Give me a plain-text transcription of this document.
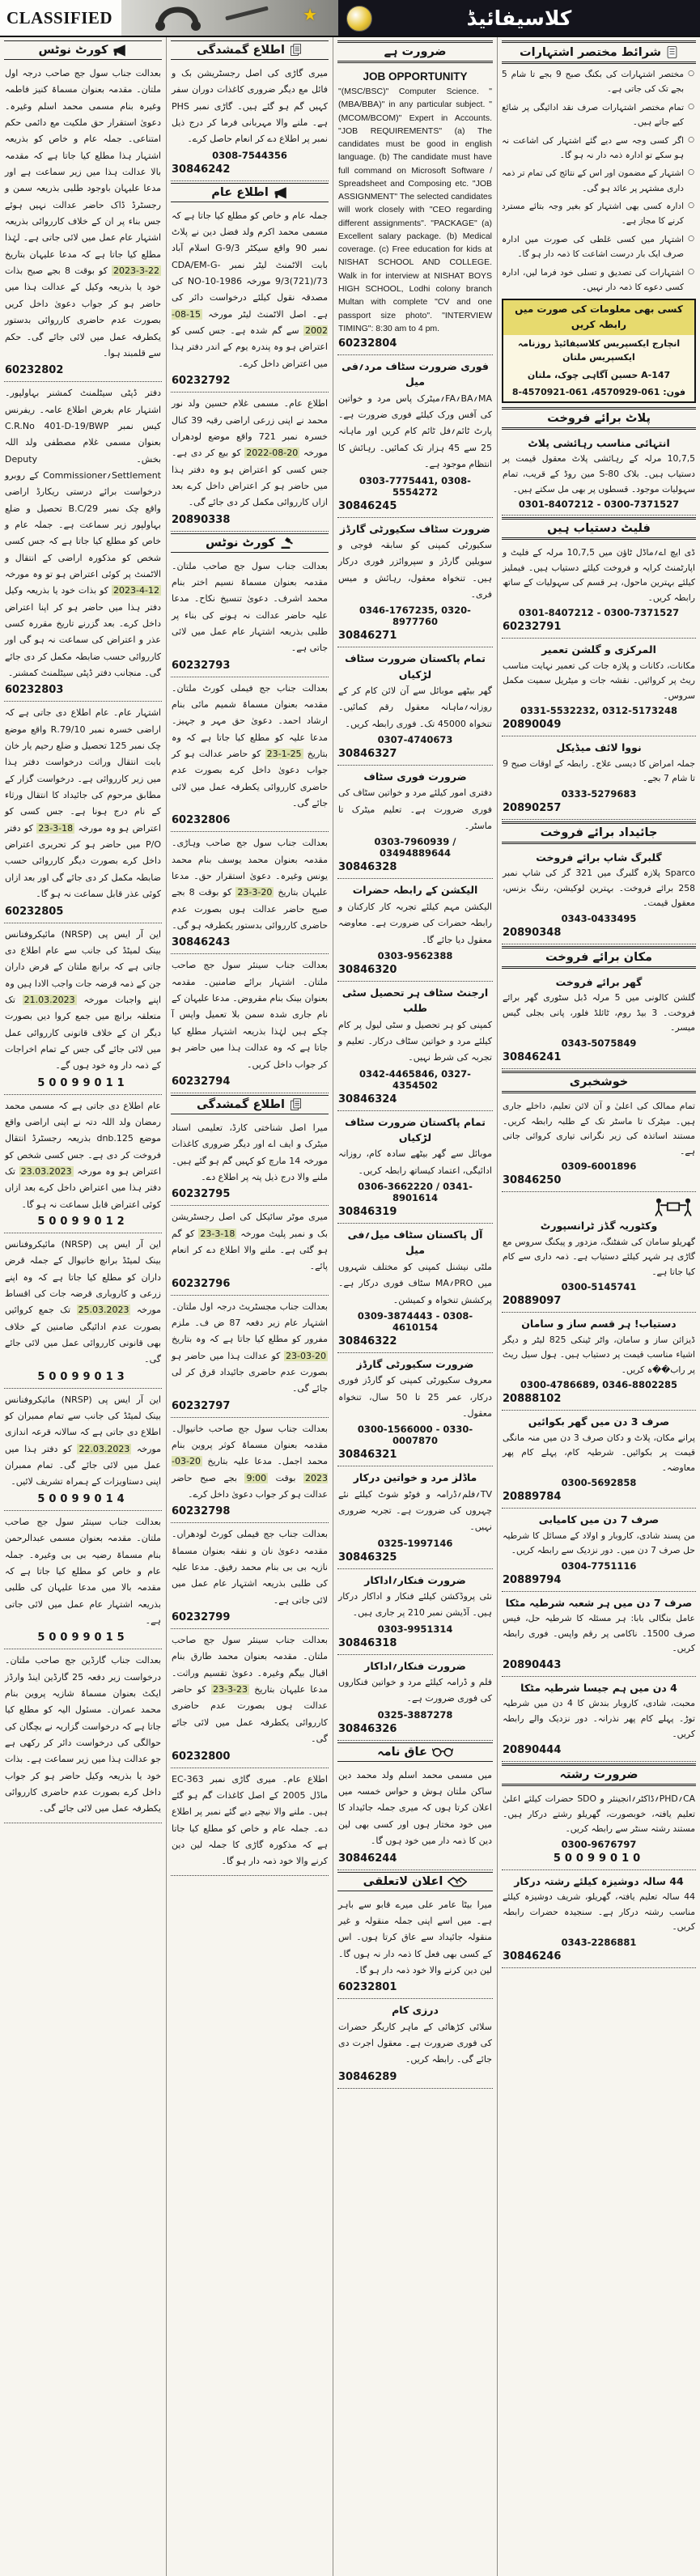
CLASSIFIED	★	کلاسیفائیڈ
کورٹ نوٹس
بعدالت جناب سول جج صاحب درجہ اول ملتان۔ مقدمہ بعنوان مسماۃ کنیز فاطمہ وغیرہ بنام مسمی محمد اسلم وغیرہ۔ دعویٰ استقرار حق ملکیت مع دائمی حکم امتناعی۔ جملہ عام و خاص کو بذریعہ اشتہار ہذا مطلع کیا جاتا ہے کہ مقدمہ بالا عدالت ہذا میں زیر سماعت ہے اور مدعا علیہان باوجود طلبی بذریعہ سمن و رجسٹرڈ ڈاک حاضر عدالت نہیں ہوئے جس بناء پر ان کے خلاف کارروائی بذریعہ اشتہار عام عمل میں لائی جاتی ہے۔ لہٰذا مطلع کیا جاتا ہے کہ مدعا علیہان بتاریخ 22-3-2023 کو بوقت 8 بجے صبح بذات خود یا بذریعہ وکیل کے عدالت ہذا میں حاضر ہو کر جواب دعویٰ داخل کریں بصورت عدم حاضری کارروائی بدستور یکطرفہ عمل میں لائی جائے گی۔ حکم سے قلمبند ہوا۔
60232802
دفتر ڈپٹی سیٹلمنٹ کمشنر بہاولپور۔ اشتہار عام بغرض اطلاع عامہ۔ ریفرنس کیس نمبر C.R.No 401-D-19/BWP بعنوان مسمی غلام مصطفی ولد اللہ بخش۔ Deputy Settlement؍Commissioner کے روبرو درخواست برائے درستی ریکارڈ اراضی واقع چک نمبر 29/B.C تحصیل و ضلع بہاولپور زیر سماعت ہے۔ جملہ عام و خاص کو مطلع کیا جاتا ہے کہ جس کسی شخص کو مذکورہ اراضی کے انتقال و الاٹمنٹ پر کوئی اعتراض ہو تو وہ مورخہ 12-4-2023 کو بذات خود یا بذریعہ وکیل دفتر ہذا میں حاضر ہو کر اپنا اعتراض داخل کرے۔ بعد گزرنے تاریخ مقررہ کسی عذر و اعتراض کی سماعت نہ ہو گی اور کارروائی حسب ضابطہ مکمل کر دی جائے گی۔ منجانب دفتر ڈپٹی سیٹلمنٹ کمشنر۔
60232803
اشتہار عام۔ عام اطلاع دی جاتی ہے کہ اراضی خسرہ نمبر 79/10.R واقع موضع چک نمبر 125 تحصیل و ضلع رحیم یار خان بابت انتقال وراثت درخواست دفتر ہذا میں زیر کارروائی ہے۔ درخواست گزار کے مطابق مرحوم کی جائیداد کا انتقال ورثاء کے نام درج ہونا ہے۔ جس کسی کو اعتراض ہو وہ مورخہ 18-3-23 کو دفتر P/O میں حاضر ہو کر تحریری اعتراض داخل کرے بصورت دیگر کارروائی حسب ضابطہ مکمل کر دی جائے گی اور بعد ازاں کوئی عذر قابل سماعت نہ ہو گا۔
60232805
این آر ایس پی (NRSP) مائیکروفنانس بینک لمیٹڈ کی جانب سے عام اطلاع دی جاتی ہے کہ برانچ ملتان کے قرض داران جن کے ذمہ قرضہ جات واجب الادا ہیں وہ اپنے واجبات مورخہ 21.03.2023 تک متعلقہ برانچ میں جمع کروا دیں بصورت دیگر ان کے خلاف قانونی کارروائی عمل میں لائی جائے گی جس کے تمام اخراجات کے ذمہ دار وہ خود ہوں گے۔
50099011
عام اطلاع دی جاتی ہے کہ مسمی محمد رمضان ولد اللہ دتہ نے اپنی اراضی واقع موضع dnb.125 بذریعہ رجسٹرڈ انتقال فروخت کر دی ہے۔ جس کسی شخص کو اعتراض ہو وہ مورخہ 23.03.2023 تک دفتر ہذا میں اعتراض داخل کرے بعد ازاں کوئی اعتراض قابل سماعت نہ ہو گا۔
50099012
این آر ایس پی (NRSP) مائیکروفنانس بینک لمیٹڈ برانچ خانیوال کے جملہ قرض داران کو مطلع کیا جاتا ہے کہ وہ اپنے زرعی و کاروباری قرضہ جات کی اقساط مورخہ 25.03.2023 تک جمع کروائیں بصورت عدم ادائیگی ضامنین کے خلاف بھی قانونی کارروائی عمل میں لائی جائے گی۔
50099013
این آر ایس پی (NRSP) مائیکروفنانس بینک لمیٹڈ کی جانب سے تمام ممبران کو اطلاع دی جاتی ہے کہ سالانہ قرعہ اندازی مورخہ 22.03.2023 کو دفتر ہذا میں عمل میں لائی جائے گی۔ تمام ممبران اپنی دستاویزات کے ہمراہ تشریف لائیں۔
50099014
بعدالت جناب سینئر سول جج صاحب ملتان۔ مقدمہ بعنوان مسمی عبدالرحمن بنام مسماۃ رضیہ بی بی وغیرہ۔ جملہ عام و خاص کو مطلع کیا جاتا ہے کہ مقدمہ بالا میں مدعا علیہان کی طلبی بذریعہ اشتہار عام عمل میں لائی جاتی ہے۔
50099015
بعدالت جناب گارڈین جج صاحب ملتان۔ درخواست زیر دفعہ 25 گارڈین اینڈ وارڈز ایکٹ بعنوان مسماۃ شازیہ پروین بنام محمد عمران۔ مسئول الیہ کو مطلع کیا جاتا ہے کہ درخواست گزاریہ نے بچگان کی حوالگی کی درخواست دائر کر رکھی ہے جو عدالت ہذا میں زیر سماعت ہے۔ بذات خود یا بذریعہ وکیل حاضر ہو کر جواب داخل کرے بصورت عدم حاضری کارروائی یکطرفہ عمل میں لائی جائے گی۔
اطلاع گمشدگی
میری گاڑی کی اصل رجسٹریشن بک و فائل مع دیگر ضروری کاغذات دوران سفر کہیں گم ہو گئے ہیں۔ گاڑی نمبر PHS ہے۔ ملنے والا مہربانی فرما کر درج ذیل نمبر پر اطلاع دے کر انعام حاصل کرے۔
0308-7544356
30846242
اطلاع عام
جملہ عام و خاص کو مطلع کیا جاتا ہے کہ مسمی محمد اکرم ولد فضل دین نے پلاٹ نمبر 90 واقع سیکٹر G-9/3 اسلام آباد بابت الاٹمنٹ لیٹر نمبر CDA/EM-G-9/3(721)/73 مورخہ NO-10-1986 کی مصدقہ نقول کیلئے درخواست دائر کی ہے۔ اصل الاٹمنٹ لیٹر مورخہ 15-08-2002 سے گم شدہ ہے۔ جس کسی کو اعتراض ہو وہ پندرہ یوم کے اندر دفتر ہذا میں اعتراض داخل کرے۔
60232792
اطلاع عام۔ مسمی غلام حسین ولد نور محمد نے اپنی زرعی اراضی رقبہ 39 کنال خسرہ نمبر 721 واقع موضع لودھراں مورخہ 20-08-2022 کو بیع کر دی ہے۔ جس کسی کو اعتراض ہو وہ دفتر ہذا میں حاضر ہو کر اعتراض داخل کرے بعد ازاں کارروائی مکمل کر دی جائے گی۔
20890338
کورٹ نوٹس
بعدالت جناب سول جج صاحب ملتان۔ مقدمہ بعنوان مسماۃ نسیم اختر بنام محمد اشرف۔ دعویٰ تنسیخ نکاح۔ مدعا علیہ حاضر عدالت نہ ہونے کی بناء پر طلبی بذریعہ اشتہار عام عمل میں لائی جاتی ہے۔
60232793
بعدالت جناب جج فیملی کورٹ ملتان۔ مقدمہ بعنوان مسماۃ شمیم مائی بنام ارشاد احمد۔ دعویٰ حق مہر و جہیز۔ مدعا علیہ کو مطلع کیا جاتا ہے کہ وہ بتاریخ 25-1-23 کو حاضر عدالت ہو کر جواب دعویٰ داخل کرے بصورت عدم حاضری کارروائی یکطرفہ عمل میں لائی جائے گی۔
60232806
بعدالت جناب سول جج صاحب وہاڑی۔ مقدمہ بعنوان محمد یوسف بنام محمد یونس وغیرہ۔ دعویٰ استقرار حق۔ مدعا علیہان بتاریخ 20-3-23 کو بوقت 8 بجے صبح حاضر عدالت ہوں بصورت عدم حاضری کارروائی بدستور یکطرفہ ہو گی۔
30846243
بعدالت جناب سینئر سول جج صاحب ملتان۔ اشتہار برائے ضامنین۔ مقدمہ بعنوان بینک بنام مقروض۔ مدعا علیہان کے نام جاری شدہ سمن بلا تعمیل واپس آ چکے ہیں لہٰذا بذریعہ اشتہار مطلع کیا جاتا ہے کہ وہ عدالت ہذا میں حاضر ہو کر جواب داخل کریں۔
60232794
اطلاع گمشدگی
میرا اصل شناختی کارڈ، تعلیمی اسناد میٹرک و ایف اے اور دیگر ضروری کاغذات مورخہ 14 مارچ کو کہیں گم ہو گئے ہیں۔ ملنے والا درج ذیل پتہ پر اطلاع دے۔
60232795
میری موٹر سائیکل کی اصل رجسٹریشن بک و نمبر پلیٹ مورخہ 18-3-23 کو گم ہو گئی ہے۔ ملنے والا اطلاع دے کر انعام پائے۔
60232796
بعدالت جناب مجسٹریٹ درجہ اول ملتان۔ اشتہار عام زیر دفعہ 87 ض ف۔ ملزم مفرور کو مطلع کیا جاتا ہے کہ وہ بتاریخ 20-03-23 کو عدالت ہذا میں حاضر ہو بصورت عدم حاضری جائیداد قرق کر لی جائے گی۔
60232797
بعدالت جناب سول جج صاحب خانیوال۔ مقدمہ بعنوان مسماۃ کوثر پروین بنام محمد اجمل۔ مدعا علیہ بتاریخ 20-03-2023 بوقت 9:00 بجے صبح حاضر عدالت ہو کر جواب دعویٰ داخل کرے۔
60232798
بعدالت جناب جج فیملی کورٹ لودھراں۔ مقدمہ دعویٰ نان و نفقہ بعنوان مسماۃ نازیہ بی بی بنام محمد رفیق۔ مدعا علیہ کی طلبی بذریعہ اشتہار عام عمل میں لائی جاتی ہے۔
60232799
بعدالت جناب سینئر سول جج صاحب ملتان۔ مقدمہ بعنوان محمد طارق بنام اقبال بیگم وغیرہ۔ دعویٰ تقسیم وراثت۔ مدعا علیہان بتاریخ 23-3-23 کو حاضر عدالت ہوں بصورت عدم حاضری کارروائی یکطرفہ عمل میں لائی جائے گی۔
60232800
اطلاع عام۔ میری گاڑی نمبر EC-363 ماڈل 2005 کے اصل کاغذات گم ہو گئے ہیں۔ ملنے والا نیچے دیے گئے نمبر پر اطلاع دے۔ جملہ عام و خاص کو مطلع کیا جاتا ہے کہ مذکورہ گاڑی کا جملہ لین دین کرنے والا خود ذمہ دار ہو گا۔
ضرورت ہے
JOB OPPORTUNITY
"(MSC/BSC)" Computer Science. "(MBA/BBA)" in any particular subject. "(MCOM/BCOM)" Expert in Accounts. "JOB REQUIREMENTS" (a) The candidates must be good in english language. (b) The candidate must have full command on Microsoft Software / Spreadsheet and Composing etc. "JOB ASSIGNMENT" The selected candidates will work closely with "CEO regarding different assignments". "PACKAGE" (a) Excellent salary package. (b) Medical coverage. (c) Free education for kids at NISHAT SCHOOL AND COLLEGE. Walk in for interview at NISHAT BOYS HIGH SCHOOL, Lodhi colony branch Multan with complete "CV and one passport size photo". "INTERVIEW TIMING": 8:30 am to 4 pm.
60232804
فوری ضرورت سٹاف مرد؍فی میل
MA؍BA؍FA؍میٹرک پاس مرد و خواتین کی آفس ورک کیلئے فوری ضرورت ہے۔ پارٹ ٹائم؍فل ٹائم کام کریں اور ماہانہ 25 سے 45 ہزار تک کمائیں۔ رہائش کا انتظام موجود ہے۔
0303-7775441, 0308-5554272
30846245
ضرورت سٹاف سکیورٹی گارڈز
سکیورٹی کمپنی کو سابقہ فوجی و سویلین گارڈز و سپروائزر فوری درکار ہیں۔ تنخواہ معقول، رہائش و میس فری۔
0346-1767235, 0320-8977760
30846271
تمام پاکستان ضرورت سٹاف لڑکیاں
گھر بیٹھے موبائل سے آن لائن کام کر کے روزانہ؍ماہانہ معقول رقم کمائیں۔ تنخواہ 45000 تک۔ فوری رابطہ کریں۔
0307-4740673
30846327
ضرورت فوری سٹاف
دفتری امور کیلئے مرد و خواتین سٹاف کی فوری ضرورت ہے۔ تعلیم میٹرک تا ماسٹر۔
0303-7960939 / 03494889644
30846328
الیکشن کے رابطہ حضرات
الیکشن مہم کیلئے تجربہ کار کارکنان و رابطہ حضرات کی ضرورت ہے۔ معاوضہ معقول دیا جائے گا۔
0303-9562388
30846320
ارجنٹ سٹاف ہر تحصیل سٹی طلب
کمپنی کو ہر تحصیل و سٹی لیول پر کام کیلئے مرد و خواتین سٹاف درکار۔ تعلیم و تجربہ کی شرط نہیں۔
0342-4465846, 0327-4354502
30846324
تمام پاکستان ضرورت سٹاف لڑکیاں
موبائل سے گھر بیٹھے سادہ کام، روزانہ ادائیگی، اعتماد کیساتھ رابطہ کریں۔
0306-3662220 / 0341-8901614
30846319
آل پاکستان سٹاف میل؍فی میل
ملٹی نیشنل کمپنی کو مختلف شہروں میں PRO؍MA سٹاف فوری درکار ہے۔ پرکشش تنخواہ و کمیشن۔
0309-3874443 - 0308-4610154
30846322
ضرورت سکیورٹی گارڈز
معروف سکیورٹی کمپنی کو گارڈز فوری درکار، عمر 25 تا 50 سال، تنخواہ معقول۔
0300-1566000 - 0330-0007870
30846321
ماڈلز مرد و خواتین درکار
TV؍فلم؍ڈرامہ و فوٹو شوٹ کیلئے نئے چہروں کی ضرورت ہے۔ تجربہ ضروری نہیں۔
0325-1997146
30846325
ضرورت فنکار؍اداکار
نئی پروڈکشن کیلئے فنکار و اداکار درکار ہیں۔ آڈیشن نمبر 210 پر جاری ہیں۔
0303-9951314
30846318
ضرورت فنکار؍اداکار
فلم و ڈرامہ کیلئے مرد و خواتین فنکاروں کی فوری ضرورت ہے۔
0325-3887278
30846326
عاق نامہ
میں مسمی محمد اسلم ولد محمد دین ساکن ملتان ہوش و حواس خمسہ میں اعلان کرتا ہوں کہ میری جملہ جائیداد کا میں خود مختار ہوں اور کسی بھی لین دین کا ذمہ دار میں خود ہوں گا۔
30846244
اعلان لاتعلقی
میرا بیٹا عامر علی میرے قابو سے باہر ہے۔ میں اسے اپنی جملہ منقولہ و غیر منقولہ جائیداد سے عاق کرتا ہوں۔ اس کے کسی بھی فعل کا ذمہ دار نہ ہوں گا۔ لین دین کرنے والا خود ذمہ دار ہو گا۔
60232801
درزی کام
سلائی کڑھائی کے ماہر کاریگر حضرات کی فوری ضرورت ہے۔ معقول اجرت دی جائے گی۔ رابطہ کریں۔
30846289
شرائط مختصر اشتہارات
○ مختصر اشتہارات کی بکنگ صبح 9 بجے تا شام 5 بجے تک کی جاتی ہے۔
○ تمام مختصر اشتہارات صرف نقد ادائیگی پر شائع کیے جاتے ہیں۔
○ اگر کسی وجہ سے دیے گئے اشتہار کی اشاعت نہ ہو سکے تو ادارہ ذمہ دار نہ ہو گا۔
○ اشتہار کے مضمون اور اس کے نتائج کی تمام تر ذمہ داری مشتہر پر عائد ہو گی۔
○ ادارہ کسی بھی اشتہار کو بغیر وجہ بتائے مسترد کرنے کا مجاز ہے۔
○ اشتہار میں کسی غلطی کی صورت میں ادارہ صرف ایک بار درست اشاعت کا ذمہ دار ہو گا۔
○ اشتہارات کی تصدیق و تسلی خود فرما لیں، ادارہ کسی دعوے کا ذمہ دار نہیں۔
کسی بھی معلومات کی صورت میں رابطہ کریں
انچارج ایکسپریس کلاسیفائیڈ روزنامہ ایکسپریس ملتان
147-A حسین آگاہی چوک، ملتان
فون: 061-4570929، 061-4570921-8
پلاٹ برائے فروخت
انتہائی مناسب رہائشی پلاٹ
10,7,5 مرلہ کے رہائشی پلاٹ معقول قیمت پر دستیاب ہیں۔ بلاک 80-S مین روڈ کے قریب، تمام سہولیات موجود۔ قسطوں پر بھی مل سکتے ہیں۔
0301-8407212 - 0300-7371527
فلیٹ دستیاب ہیں
ڈی ایچ اے؍ماڈل ٹاؤن میں 10,7,5 مرلہ کے فلیٹ و اپارٹمنٹ کرایہ و فروخت کیلئے دستیاب ہیں۔ فیملیز کیلئے بہترین ماحول، ہر قسم کی سہولیات کے ساتھ رابطہ کریں۔
0301-8407212 - 0300-7371527
60232791
المرکزی و گلشن تعمیر
مکانات، دکانات و پلازہ جات کی تعمیر نہایت مناسب ریٹ پر کروائیں۔ نقشہ جات و میٹریل سمیت مکمل سروس۔
0331-5532232, 0312-5173248
20890049
نووا لائف میڈیکل
جملہ امراض کا دیسی علاج۔ رابطہ کے اوقات صبح 9 تا شام 7 بجے۔
0333-5279683
20890257
جائیداد برائے فروخت
گلبرگ شاپ برائے فروخت
Sparco پلازہ گلبرگ میں 321 گز کی شاپ نمبر 258 برائے فروخت۔ بہترین لوکیشن، رننگ بزنس، معقول قیمت۔
0343-0433495
20890348
مکان برائے فروخت
گھر برائے فروخت
گلشن کالونی میں 5 مرلہ ڈبل سٹوری گھر برائے فروخت۔ 3 بیڈ روم، ٹائلڈ فلور، پانی بجلی گیس میسر۔
0343-5075849
30846241
خوشخبری
تمام ممالک کی اعلیٰ و آن لائن تعلیم، داخلے جاری ہیں۔ میٹرک تا ماسٹر تک کے طلبہ رابطہ کریں۔ مستند اساتذہ کی زیر نگرانی تیاری کروائی جاتی ہے۔
0309-6001896
30846250
وکٹوریہ گڈز ٹرانسپورٹ
گھریلو سامان کی شفٹنگ، مزدور و پیکنگ سروس مع گاڑی ہر شہر کیلئے دستیاب ہے۔ ذمہ داری سے کام کیا جاتا ہے۔
0300-5145741
20889097
دستیاب! ہر قسم ساز و سامان
ڈیزائن ساز و سامان، واٹر ٹینکی 825 لیٹر و دیگر اشیاء مناسب قیمت پر دستیاب ہیں۔ ہول سیل ریٹ پر راب��ہ کریں۔
0300-4786689, 0346-8802285
20888102
صرف 3 دن میں گھر بکوائیں
پرانے مکان، پلاٹ و دکان صرف 3 دن میں منہ مانگی قیمت پر بکوائیں۔ شرطیہ کام، پہلے کام پھر معاوضہ۔
0300-5692858
20889784
صرف 7 دن میں کامیابی
من پسند شادی، کاروبار و اولاد کے مسائل کا شرطیہ حل صرف 7 دن میں۔ دور نزدیک سے رابطہ کریں۔
0304-7751116
20889794
صرف 7 دن میں ہر شعبہ شرطیہ مٹکا
عامل بنگالی بابا: ہر مسئلہ کا شرطیہ حل، فیس صرف 1500۔ ناکامی پر رقم واپس۔ فوری رابطہ کریں۔
20890443
4 دن میں ہم جیسا شرطیہ مٹکا
محبت، شادی، کاروبار بندش کا 4 دن میں شرطیہ توڑ۔ پہلے کام پھر نذرانہ۔ دور نزدیک والے رابطہ کریں۔
20890444
ضرورت رشتہ
CA؍PHD؍ڈاکٹر؍انجینئر و SDO حضرات کیلئے اعلیٰ تعلیم یافتہ، خوبصورت، گھریلو رشتے درکار ہیں۔ مستند رشتہ سنٹر سے رابطہ کریں۔
0300-9676797
50099010
44 سالہ دوشیزہ کیلئے رشتہ درکار
44 سالہ تعلیم یافتہ، گھریلو، شریف دوشیزہ کیلئے مناسب رشتہ درکار ہے۔ سنجیدہ حضرات رابطہ کریں۔
0343-2286881
30846246
